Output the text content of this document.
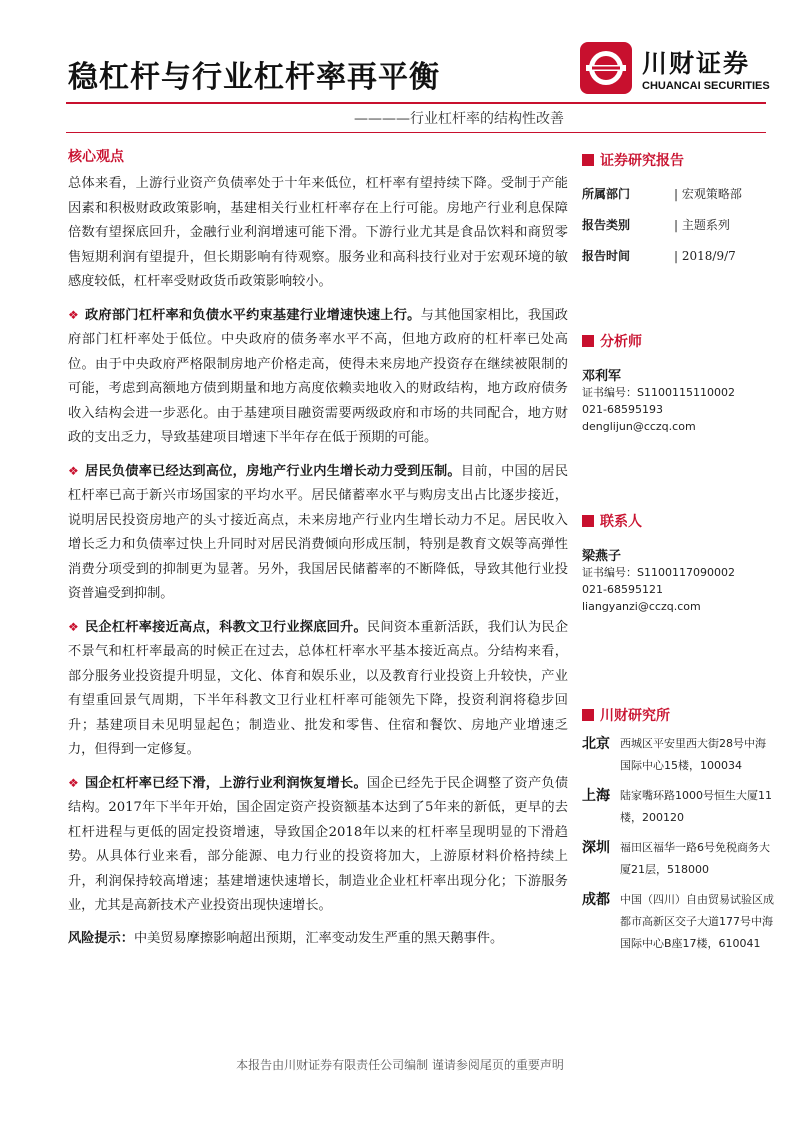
稳杠杆与行业杠杆率再平衡	川财证券
CHUANCAI SECURITIES
————行业杠杆率的结构性改善
核心观点

总体来看，上游行业资产负债率处于十年来低位，杠杆率有望持续下降。受制于产能因素和积极财政政策影响，基建相关行业杠杆率存在上行可能。房地产行业利息保障倍数有望探底回升，金融行业利润增速可能下滑。下游行业尤其是食品饮料和商贸零售短期利润有望提升，但长期影响有待观察。服务业和高科技行业对于宏观环境的敏感度较低，杠杆率受财政货币政策影响较小。

❖ 政府部门杠杆率和负债水平约束基建行业增速快速上行。与其他国家相比，我国政府部门杠杆率处于低位。中央政府的债务率水平不高，但地方政府的杠杆率已处高位。由于中央政府严格限制房地产价格走高，使得未来房地产投资存在继续被限制的可能，考虑到高额地方债到期量和地方高度依赖卖地收入的财政结构，地方政府债务收入结构会进一步恶化。由于基建项目融资需要两级政府和市场的共同配合，地方财政的支出乏力，导致基建项目增速下半年存在低于预期的可能。

❖ 居民负债率已经达到高位，房地产行业内生增长动力受到压制。目前，中国的居民杠杆率已高于新兴市场国家的平均水平。居民储蓄率水平与购房支出占比逐步接近，说明居民投资房地产的头寸接近高点，未来房地产行业内生增长动力不足。居民收入增长乏力和负债率过快上升同时对居民消费倾向形成压制，特别是教育文娱等高弹性消费分项受到的抑制更为显著。另外，我国居民储蓄率的不断降低，导致其他行业投资普遍受到抑制。

❖ 民企杠杆率接近高点，科教文卫行业探底回升。民间资本重新活跃，我们认为民企不景气和杠杆率最高的时候正在过去，总体杠杆率水平基本接近高点。分结构来看，部分服务业投资提升明显，文化、体育和娱乐业，以及教育行业投资上升较快，产业有望重回景气周期，下半年科教文卫行业杠杆率可能领先下降，投资利润将稳步回升；基建项目未见明显起色；制造业、批发和零售、住宿和餐饮、房地产业增速乏力，但得到一定修复。

❖ 国企杠杆率已经下滑，上游行业利润恢复增长。国企已经先于民企调整了资产负债结构。2017年下半年开始，国企固定资产投资额基本达到了5年来的新低，更早的去杠杆进程与更低的固定投资增速，导致国企2018年以来的杠杆率呈现明显的下滑趋势。从具体行业来看，部分能源、电力行业的投资将加大，上游原材料价格持续上升，利润保持较高增速；基建增速快速增长，制造业企业杠杆率出现分化；下游服务业，尤其是高新技术产业投资出现快速增长。

风险提示：中美贸易摩擦影响超出预期，汇率变动发生严重的黑天鹅事件。

证券研究报告
所属部门	| 宏观策略部
报告类别	| 主题系列
报告时间	| 2018/9/7
分析师
邓利军
证书编号：S1100115110002
021-68595193
denglijun@cczq.com
联系人
梁燕子
证书编号：S1100117090002
021-68595121
liangyanzi@cczq.com
川财研究所
北京 西城区平安里西大街28号中海国际中心15楼，100034
上海 陆家嘴环路1000号恒生大厦11楼，200120
深圳 福田区福华一路6号免税商务大厦21层，518000
成都 中国（四川）自由贸易试验区成都市高新区交子大道177号中海国际中心B座17楼，610041
本报告由川财证券有限责任公司编制 谨请参阅尾页的重要声明
